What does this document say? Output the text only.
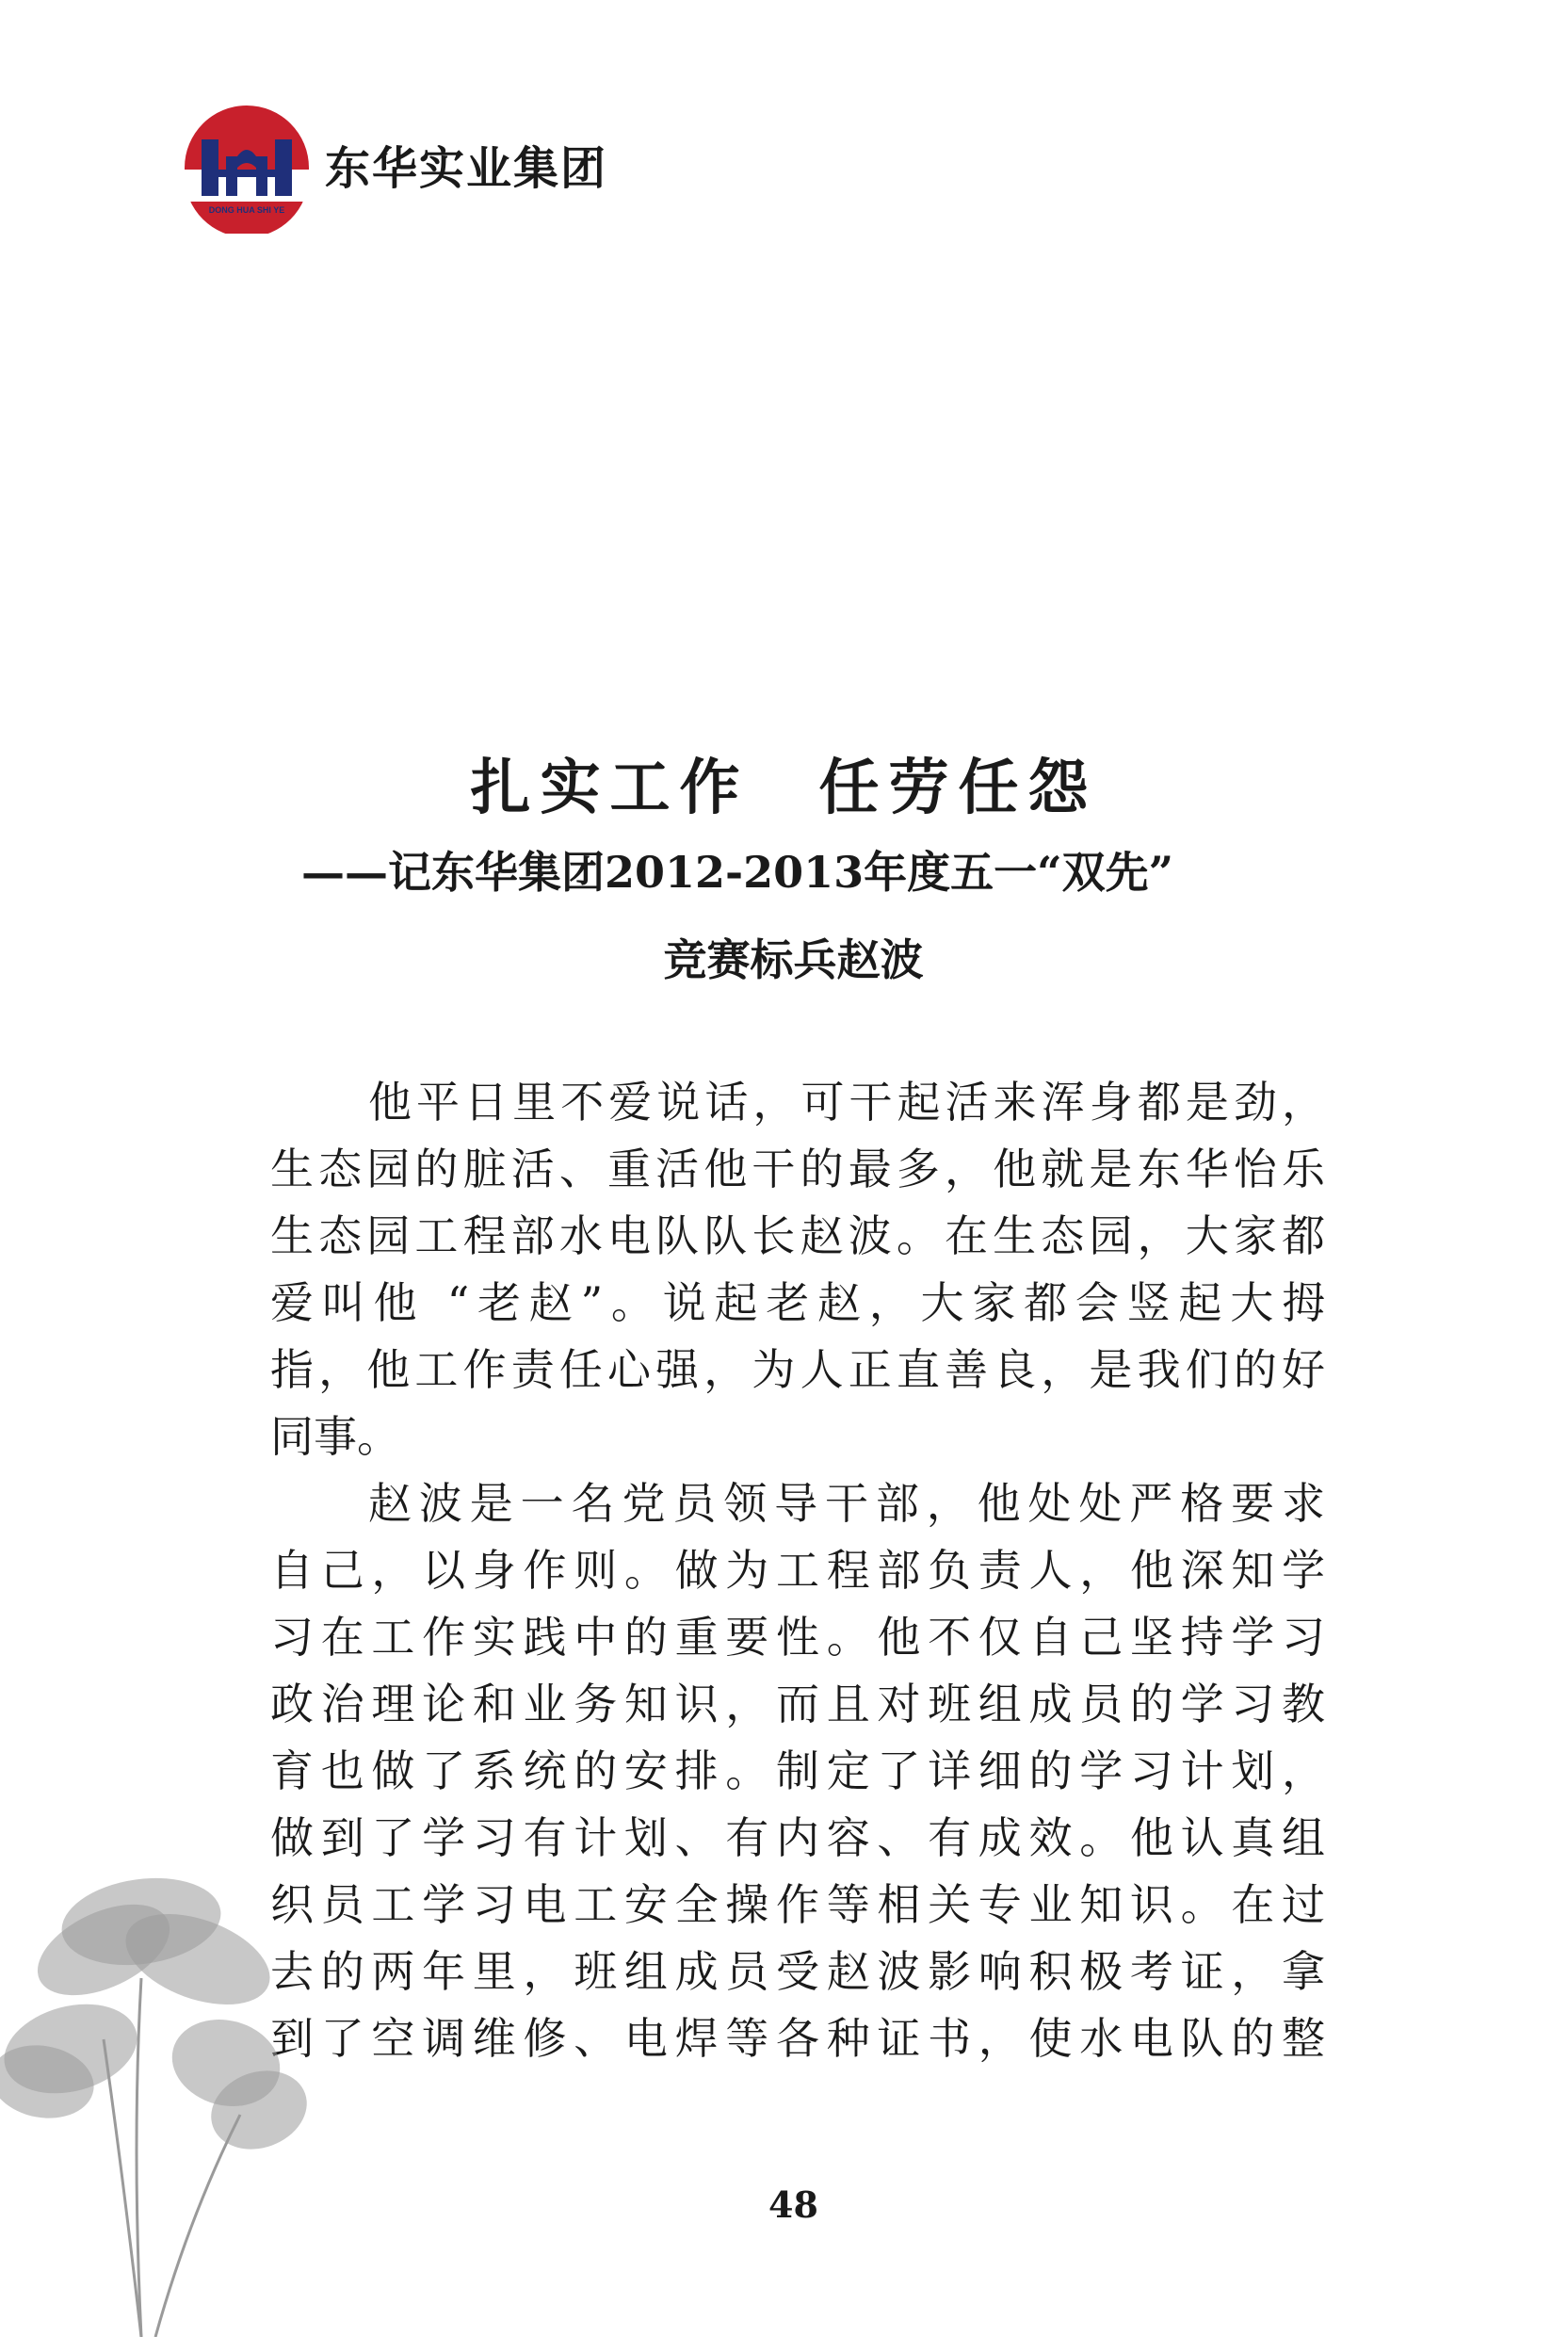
DONG HUA SHI YE
东华实业集团
扎实工作　任劳任怨
——记东华集团2012-2013年度五一“双先”
竞赛标兵赵波
他平日里不爱说话，可干起活来浑身都是劲，
生态园的脏活、重活他干的最多，他就是东华怡乐
生态园工程部水电队队长赵波。在生态园，大家都
爱叫他 “老赵”。说起老赵，大家都会竖起大拇
指，他工作责任心强，为人正直善良，是我们的好
同事。
赵波是一名党员领导干部，他处处严格要求
自己，以身作则。做为工程部负责人，他深知学
习在工作实践中的重要性。他不仅自己坚持学习
政治理论和业务知识，而且对班组成员的学习教
育也做了系统的安排。制定了详细的学习计划，
做到了学习有计划、有内容、有成效。他认真组
织员工学习电工安全操作等相关专业知识。在过
去的两年里，班组成员受赵波影响积极考证，拿
到了空调维修、电焊等各种证书，使水电队的整
48
